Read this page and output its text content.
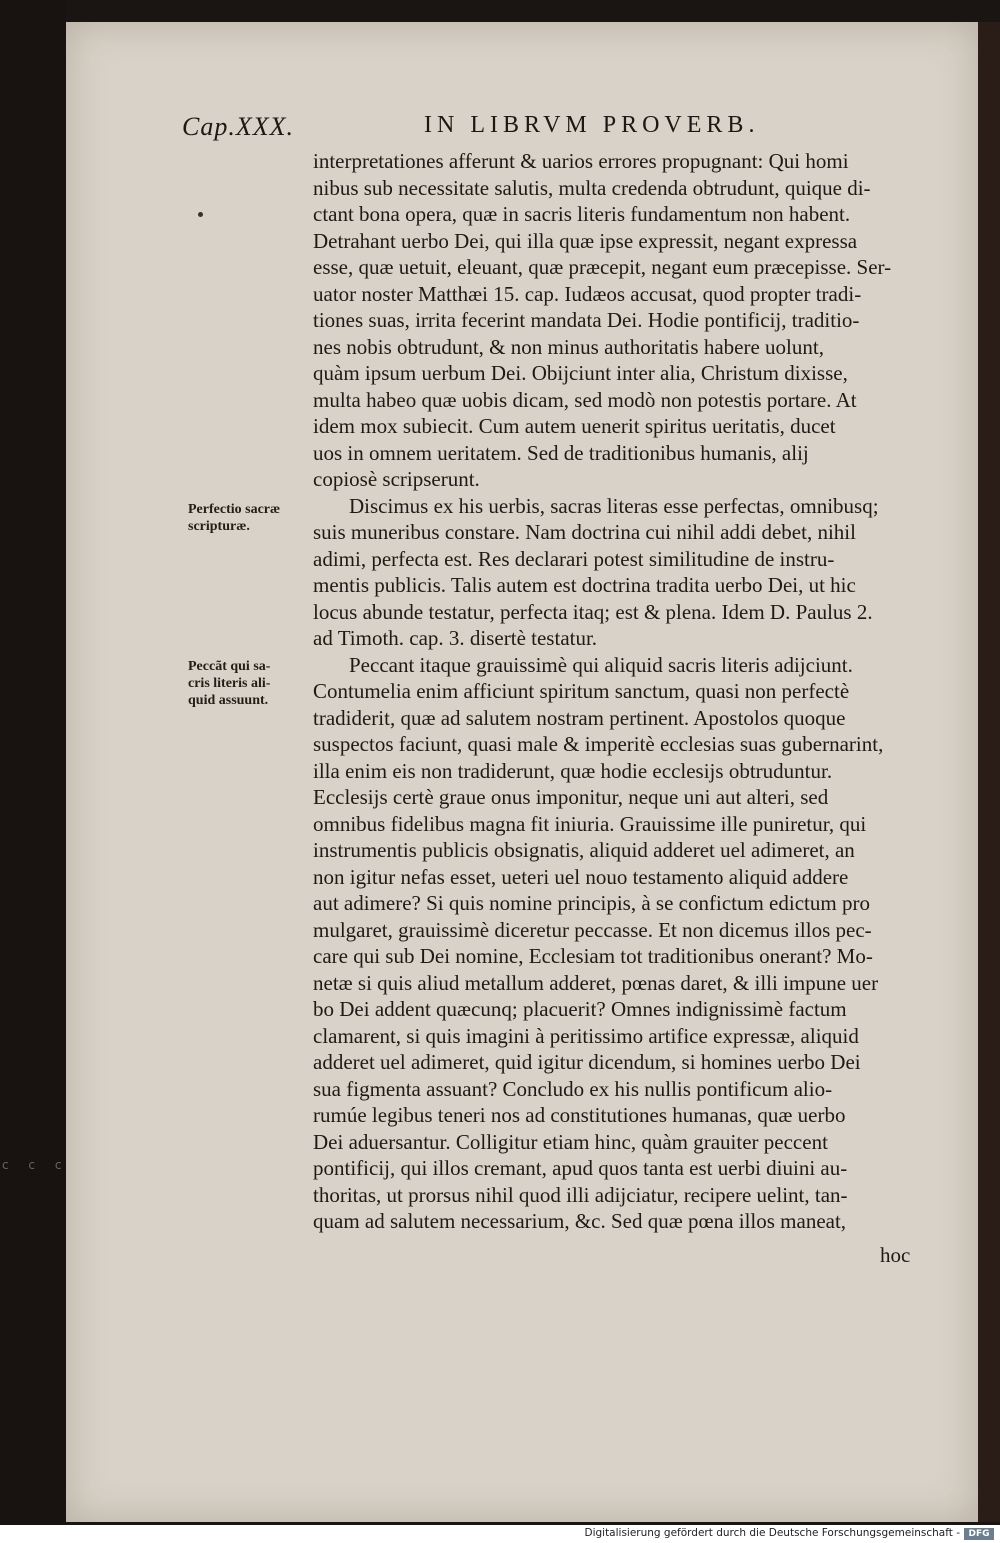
Cap.XXX.	IN LIBRVM PROVERB.
Perfectio sacræ
scripturæ.
Peccãt qui sa-
cris literis ali-
quid assuunt.
interpretationes afferunt & uarios errores propugnant: Qui homi
nibus sub necessitate salutis, multa credenda obtrudunt, quique di-
ctant bona opera, quæ in sacris literis fundamentum non habent.
Detrahant uerbo Dei, qui illa quæ ipse expressit, negant expressa
esse, quæ uetuit, eleuant, quæ præcepit, negant eum præcepisse. Ser-
uator noster Matthæi 15. cap. Iudæos accusat, quod propter tradi-
tiones suas, irrita fecerint mandata Dei. Hodie pontificij, traditio-
nes nobis obtrudunt, & non minus authoritatis habere uolunt,
quàm ipsum uerbum Dei. Obijciunt inter alia, Christum dixisse,
multa habeo quæ uobis dicam, sed modò non potestis portare. At
idem mox subiecit. Cum autem uenerit spiritus ueritatis, ducet
uos in omnem ueritatem. Sed de traditionibus humanis, alij
copiosè scripserunt.
Discimus ex his uerbis, sacras literas esse perfectas, omnibusq;
suis muneribus constare. Nam doctrina cui nihil addi debet, nihil
adimi, perfecta est. Res declarari potest similitudine de instru-
mentis publicis. Talis autem est doctrina tradita uerbo Dei, ut hic
locus abunde testatur, perfecta itaq; est & plena. Idem D. Paulus 2.
ad Timoth. cap. 3. disertè testatur.
Peccant itaque grauissimè qui aliquid sacris literis adijciunt.
Contumelia enim afficiunt spiritum sanctum, quasi non perfectè
tradiderit, quæ ad salutem nostram pertinent. Apostolos quoque
suspectos faciunt, quasi male & imperitè ecclesias suas gubernarint,
illa enim eis non tradiderunt, quæ hodie ecclesijs obtruduntur.
Ecclesijs certè graue onus imponitur, neque uni aut alteri, sed
omnibus fidelibus magna fit iniuria. Grauissime ille puniretur, qui
instrumentis publicis obsignatis, aliquid adderet uel adimeret, an
non igitur nefas esset, ueteri uel nouo testamento aliquid addere
aut adimere? Si quis nomine principis, à se confictum edictum pro
mulgaret, grauissimè diceretur peccasse. Et non dicemus illos pec-
care qui sub Dei nomine, Ecclesiam tot traditionibus onerant? Mo-
netæ si quis aliud metallum adderet, pœnas daret, & illi impune uer
bo Dei addent quæcunq; placuerit? Omnes indignissimè factum
clamarent, si quis imagini à peritissimo artifice expressæ, aliquid
adderet uel adimeret, quid igitur dicendum, si homines uerbo Dei
sua figmenta assuant? Concludo ex his nullis pontificum alio-
rumúe legibus teneri nos ad constitutiones humanas, quæ uerbo
Dei aduersantur. Colligitur etiam hinc, quàm grauiter peccent
pontificij, qui illos cremant, apud quos tanta est uerbi diuini au-
thoritas, ut prorsus nihil quod illi adijciatur, recipere uelint, tan-
quam ad salutem necessarium, &c. Sed quæ pœna illos maneat,
hoc
c c c
Digitalisierung gefördert durch die Deutsche Forschungsgemeinschaft - DFG
